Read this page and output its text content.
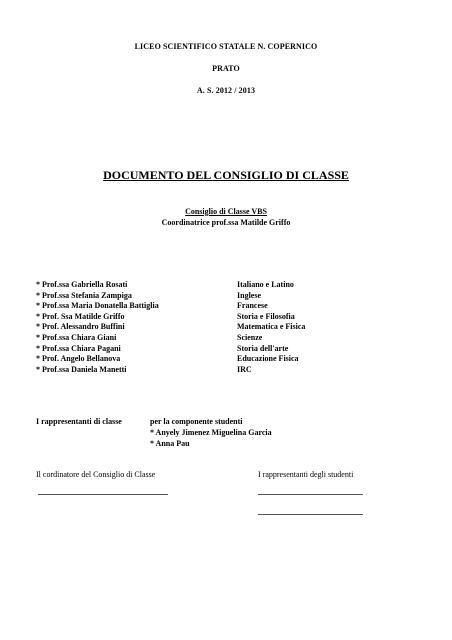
LICEO SCIENTIFICO STATALE N. COPERNICO
PRATO
A. S. 2012 / 2013
DOCUMENTO DEL CONSIGLIO DI CLASSE
Consiglio di Classe VBS
Coordinatrice prof.ssa Matilde Griffo
* Prof.ssa Gabriella Rosati
* Prof.ssa Stefania Zampiga
* Prof.ssa Maria Donatella Battiglia
* Prof. Ssa Matilde Griffo
* Prof. Alessandro Buffini
* Prof.ssa Chiara Giani
* Prof.ssa Chiara Pagani
* Prof. Angelo Bellanova
* Prof.ssa Daniela Manetti
Italiano e Latino
Inglese
Francese
Storia e Filosofia
Matematica e Fisica
Scienze
Storia dell'arte
Educazione Fisica
IRC
I rappresentanti di classe	per la componente studenti
* Anyely Jimenez Miguelina Garcia
* Anna Pau
Il cordinatore del Consiglio di Classe	I rappresentanti degli studenti
